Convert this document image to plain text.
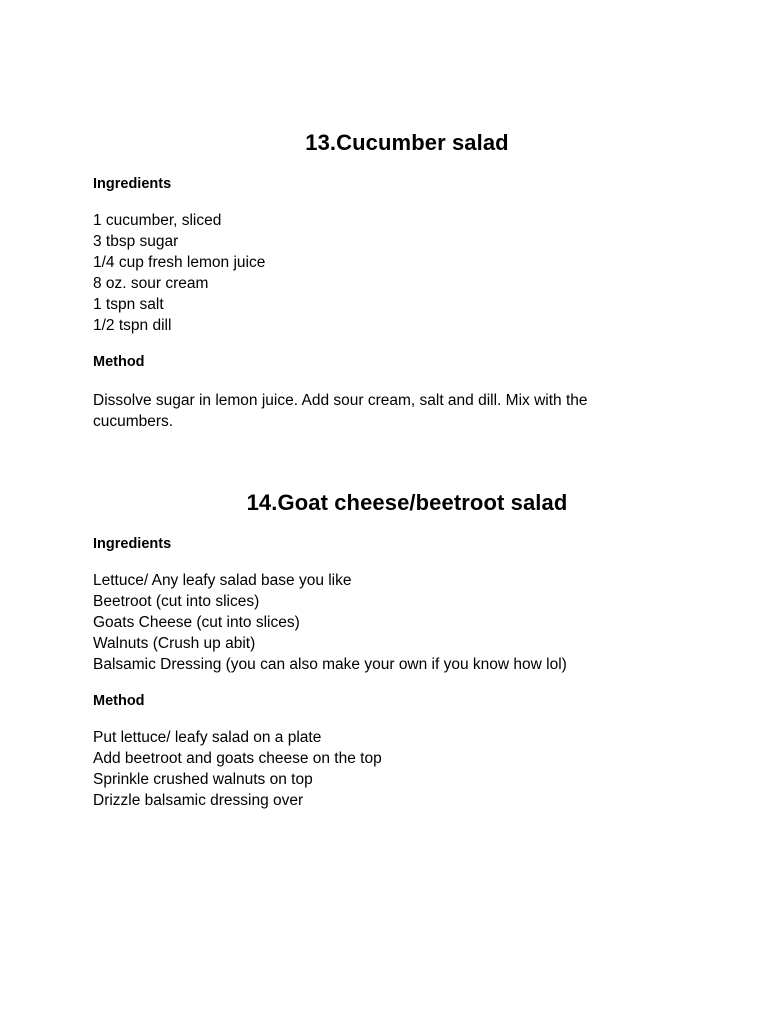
13.Cucumber salad
Ingredients
1 cucumber, sliced
3 tbsp sugar
1/4 cup fresh lemon juice
8 oz. sour cream
1 tspn salt
1/2 tspn dill
Method

Dissolve sugar in lemon juice. Add sour cream, salt and dill. Mix with the cucumbers.

14.Goat cheese/beetroot salad
Ingredients
Lettuce/ Any leafy salad base you like
Beetroot (cut into slices)
Goats Cheese (cut into slices)
Walnuts (Crush up abit)
Balsamic Dressing (you can also make your own if you know how lol)
Method
Put lettuce/ leafy salad on a plate
Add beetroot and goats cheese on the top
Sprinkle crushed walnuts on top
Drizzle balsamic dressing over
